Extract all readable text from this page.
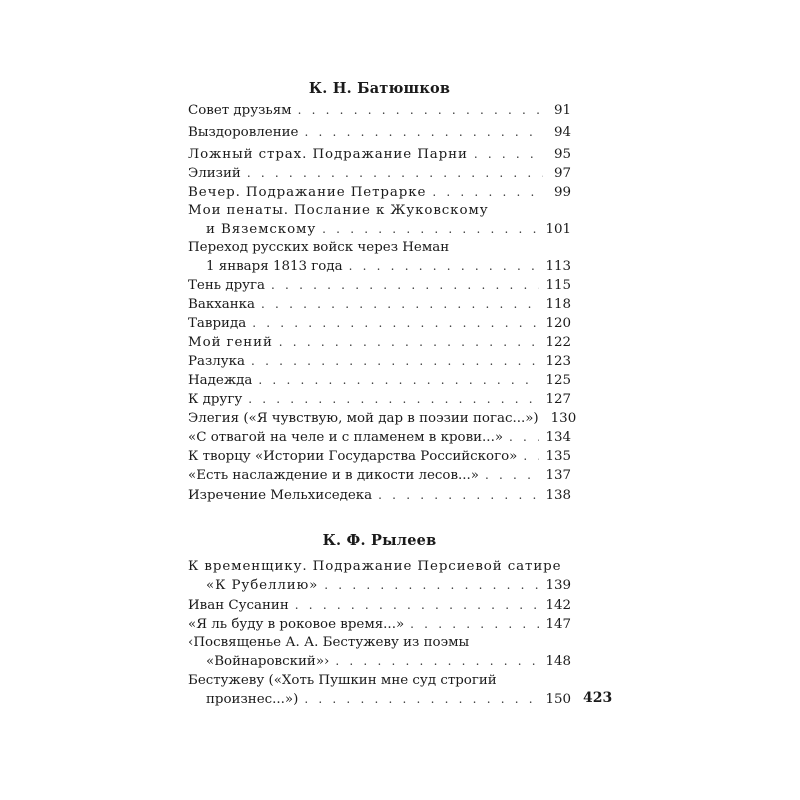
К. Н. Батюшков
Совет друзьям . . .	91
Выздоровление . . .	94
Ложный страх. Подражание Парни . . .	95
Элизий . . .	97
Вечер. Подражание Петрарке . . .	99
Мои пенаты. Послание к Жуковскому
и Вяземскому . . .	101
Переход русских войск через Неман
1 января 1813 года . . .	113
Тень друга . . .	115
Вакханка . . .	118
Таврида . . .	120
Мой гений . . .	122
Разлука . . .	123
Надежда . . .	125
К другу . . .	127
Элегия («Я чувствую, мой дар в поэзии погас...») 130
«С отвагой на челе и с пламенем в крови...» . . .	134
К творцу «Истории Государства Российского» . . . 135
«Есть наслаждение и в дикости лесов...» . . .	137
Изречение Мельхиседека . . .	138
К. Ф. Рылеев
К временщику. Подражание Персиевой сатире
«К Рубеллию» . . .	139
Иван Сусанин . . .	142
«Я ль буду в роковое время...» . . .	147
‹Посвященье А. А. Бестужеву из поэмы
«Войнаровский»› . . .	148
Бестужеву («Хоть Пушкин мне суд строгий
произнес...») . . .	150 423
